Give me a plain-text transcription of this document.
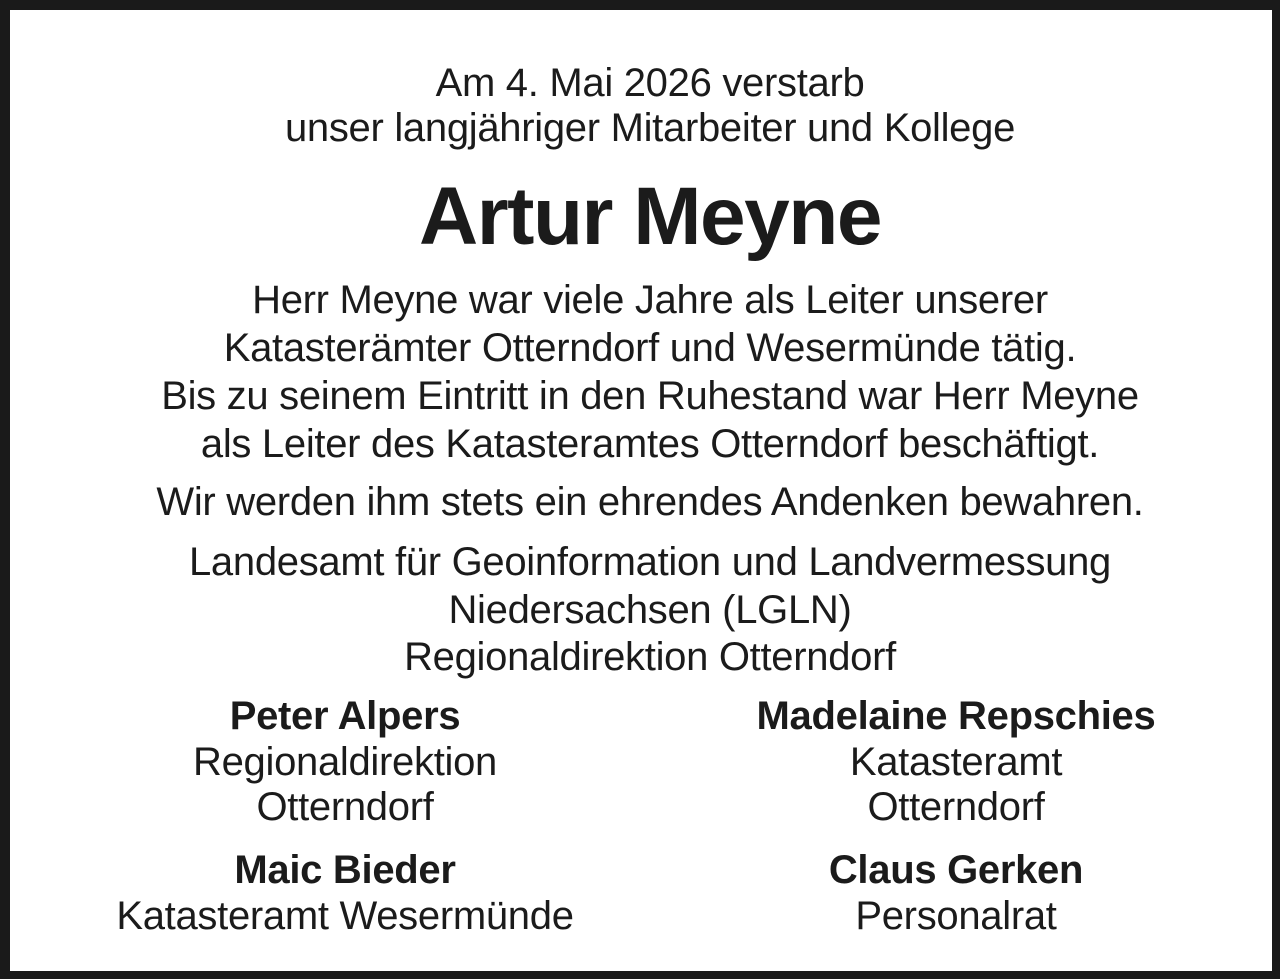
Am 4. Mai 2026 verstarb
unser langjähriger Mitarbeiter und Kollege
Artur Meyne
Herr Meyne war viele Jahre als Leiter unserer
Katasterämter Otterndorf und Wesermünde tätig.
Bis zu seinem Eintritt in den Ruhestand war Herr Meyne
als Leiter des Katasteramtes Otterndorf beschäftigt.
Wir werden ihm stets ein ehrendes Andenken bewahren.
Landesamt für Geoinformation und Landvermessung
Niedersachsen (LGLN)
Regionaldirektion Otterndorf
Peter Alpers
Regionaldirektion
Otterndorf
Madelaine Repschies
Katasteramt
Otterndorf
Maic Bieder
Katasteramt Wesermünde
Claus Gerken
Personalrat
